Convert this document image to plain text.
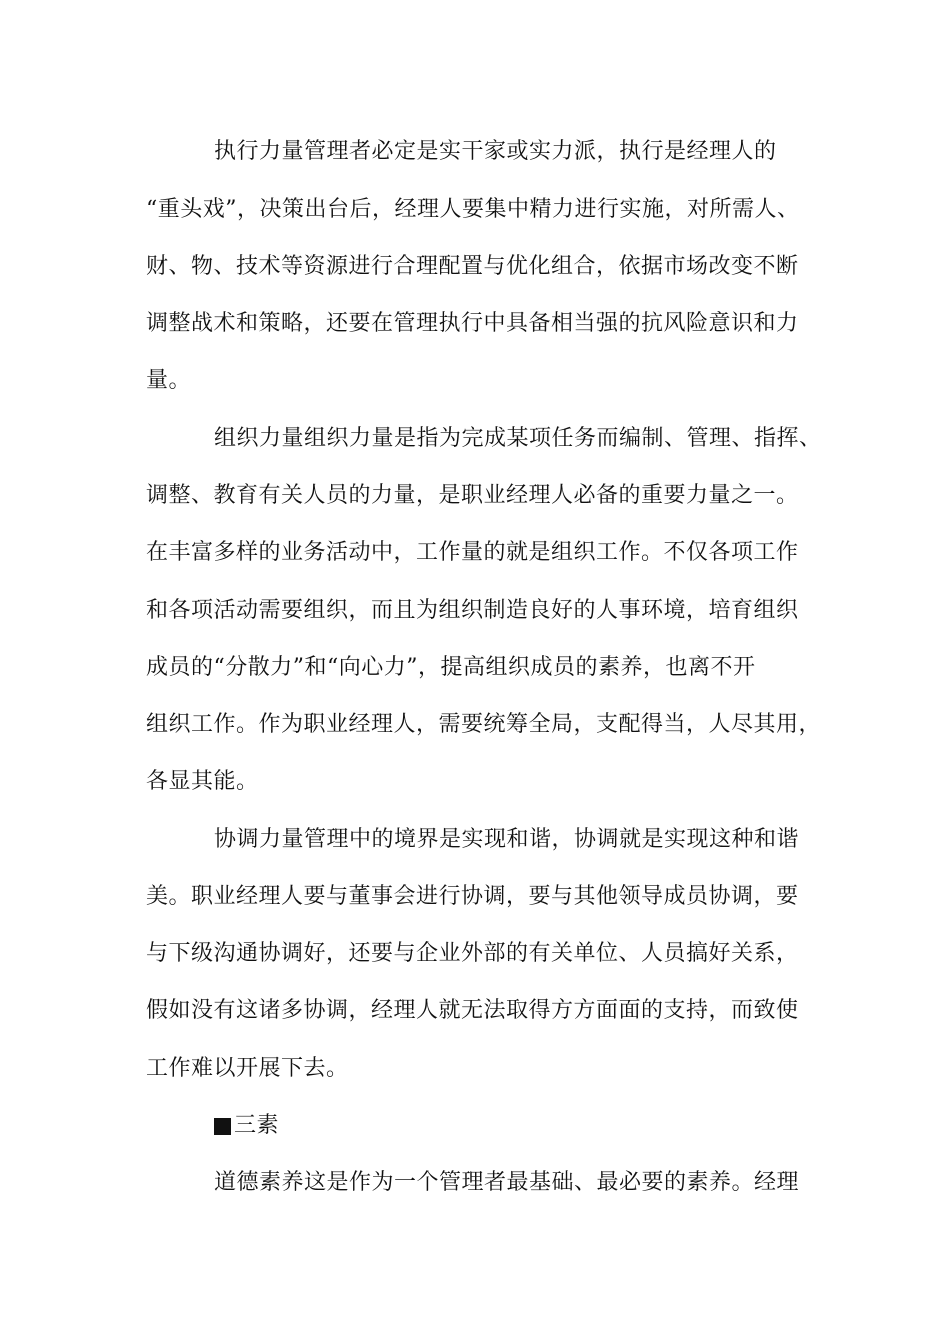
执行力量管理者必定是实干家或实力派，执行是经理人的
“重头戏”，决策出台后，经理人要集中精力进行实施，对所需人、
财、物、技术等资源进行合理配置与优化组合，依据市场改变不断
调整战术和策略，还要在管理执行中具备相当强的抗风险意识和力
量。
组织力量组织力量是指为完成某项任务而编制、管理、指挥、
调整、教育有关人员的力量，是职业经理人必备的重要力量之一。
在丰富多样的业务活动中，工作量的就是组织工作。不仅各项工作
和各项活动需要组织，而且为组织制造良好的人事环境，培育组织
成员的“分散力”和“向心力”，提高组织成员的素养，也离不开
组织工作。作为职业经理人，需要统筹全局，支配得当，人尽其用，
各显其能。
协调力量管理中的境界是实现和谐，协调就是实现这种和谐
美。职业经理人要与董事会进行协调，要与其他领导成员协调，要
与下级沟通协调好，还要与企业外部的有关单位、人员搞好关系，
假如没有这诸多协调，经理人就无法取得方方面面的支持，而致使
工作难以开展下去。
三素
道德素养这是作为一个管理者最基础、最必要的素养。经理
